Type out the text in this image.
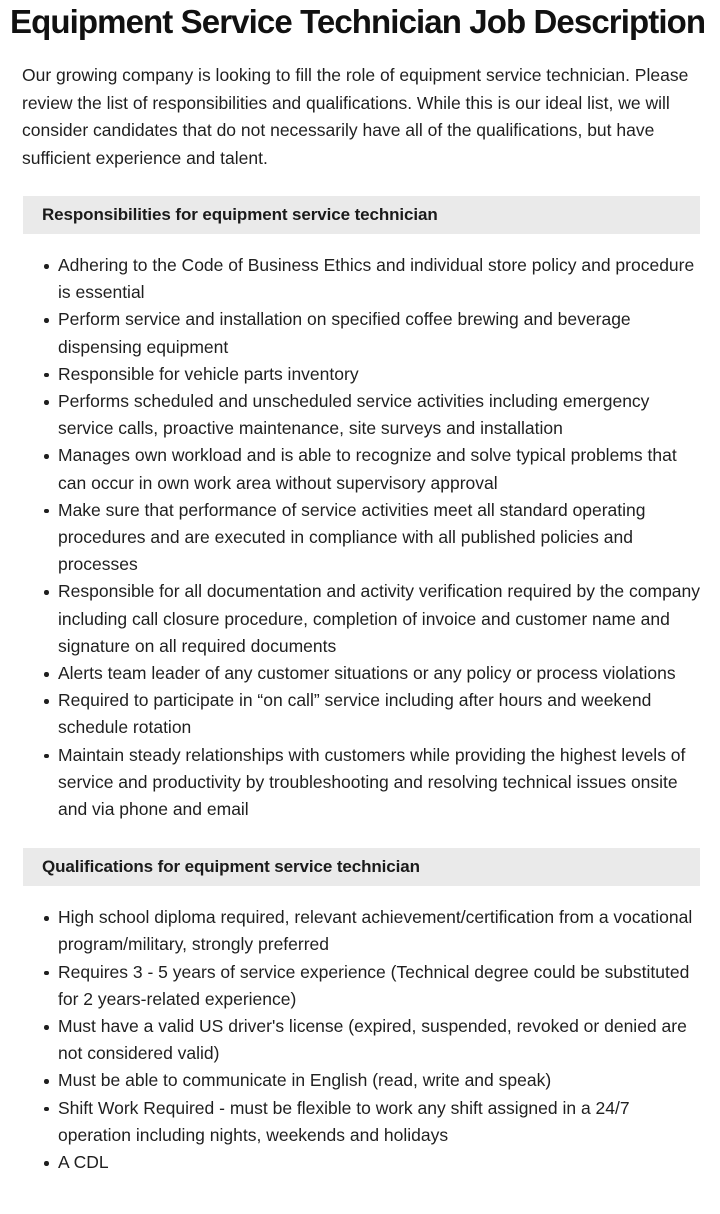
Equipment Service Technician Job Description

Our growing company is looking to fill the role of equipment service technician. Please review the list of responsibilities and qualifications. While this is our ideal list, we will consider candidates that do not necessarily have all of the qualifications, but have sufficient experience and talent.

Responsibilities for equipment service technician
Adhering to the Code of Business Ethics and individual store policy and procedure is essential
Perform service and installation on specified coffee brewing and beverage dispensing equipment
Responsible for vehicle parts inventory
Performs scheduled and unscheduled service activities including emergency service calls, proactive maintenance, site surveys and installation
Manages own workload and is able to recognize and solve typical problems that can occur in own work area without supervisory approval
Make sure that performance of service activities meet all standard operating procedures and are executed in compliance with all published policies and processes
Responsible for all documentation and activity verification required by the company including call closure procedure, completion of invoice and customer name and signature on all required documents
Alerts team leader of any customer situations or any policy or process violations
Required to participate in “on call” service including after hours and weekend schedule rotation
Maintain steady relationships with customers while providing the highest levels of service and productivity by troubleshooting and resolving technical issues onsite and via phone and email
Qualifications for equipment service technician
High school diploma required, relevant achievement/certification from a vocational program/military, strongly preferred
Requires 3 - 5 years of service experience (Technical degree could be substituted for 2 years-related experience)
Must have a valid US driver's license (expired, suspended, revoked or denied are not considered valid)
Must be able to communicate in English (read, write and speak)
Shift Work Required - must be flexible to work any shift assigned in a 24/7 operation including nights, weekends and holidays
A CDL
